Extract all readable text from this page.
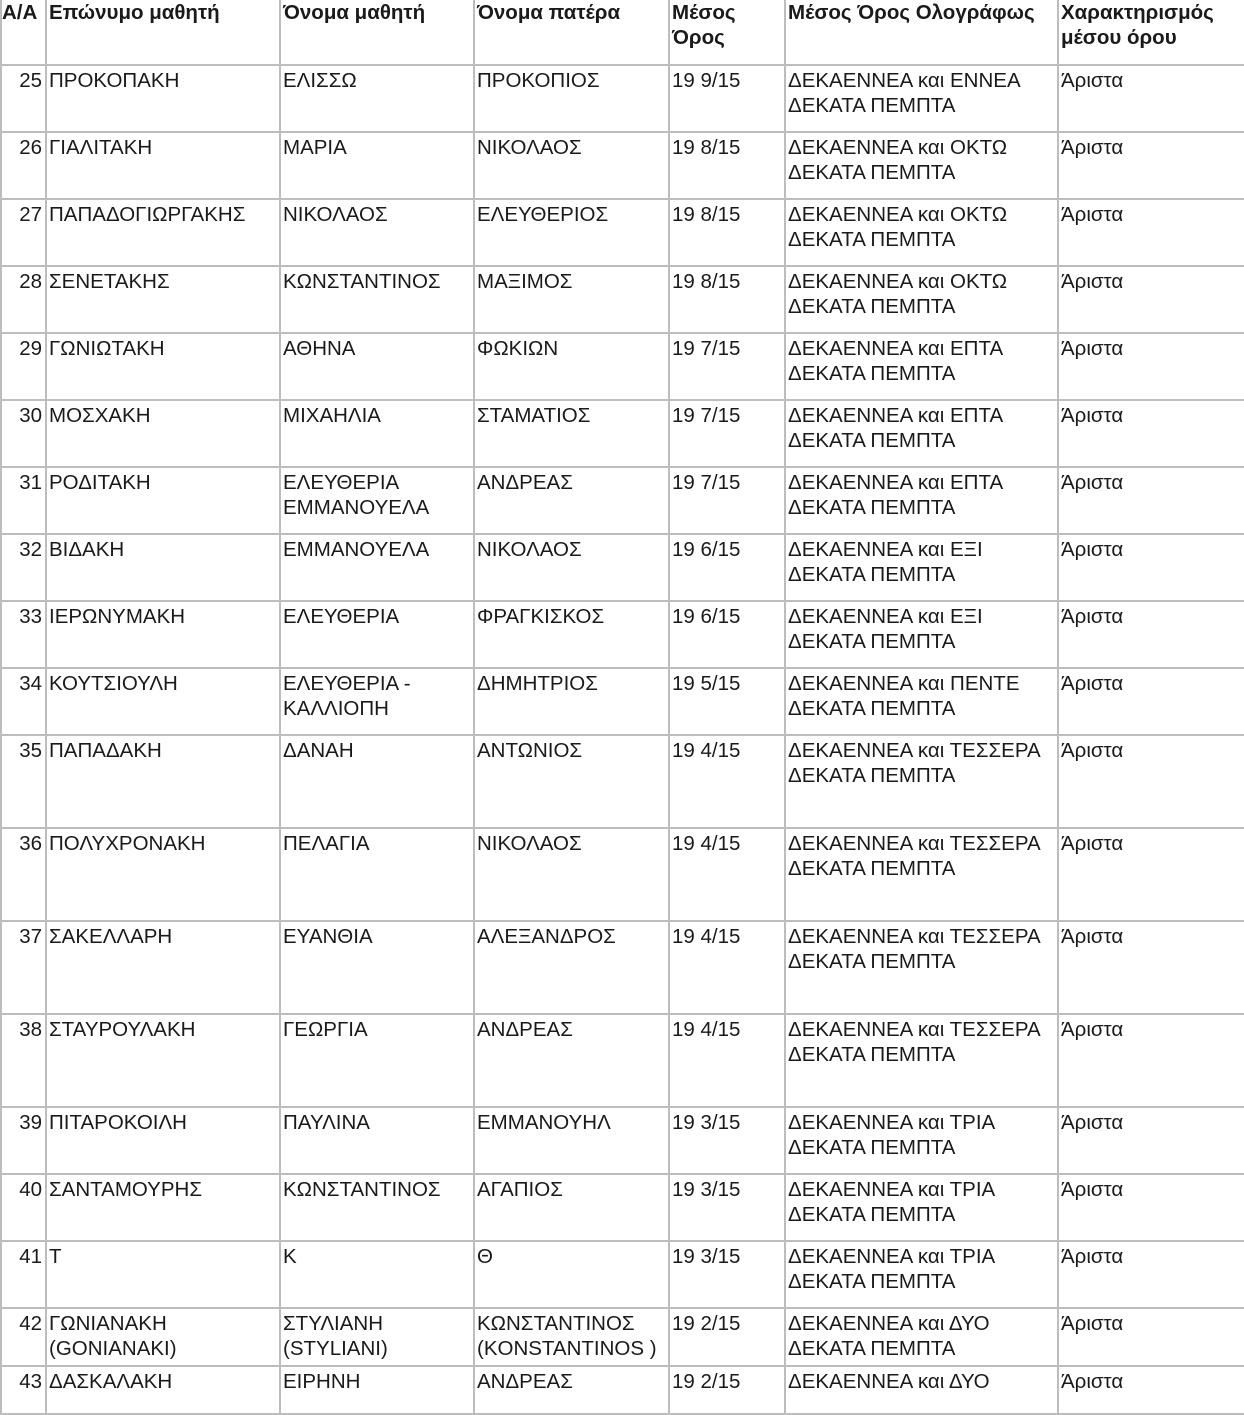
Α/Α	Επώνυμο μαθητή	Όνομα μαθητή	Όνομα πατέρα	Μέσος Όρος	Μέσος Όρος Ολογράφως	Χαρακτηρισμός μέσου όρου
25	ΠΡΟΚΟΠΑΚΗ	ΕΛΙΣΣΩ	ΠΡΟΚΟΠΙΟΣ	19 9/15	ΔΕΚΑΕΝΝΕΑ και ΕΝΝΕΑ ΔΕΚΑΤΑ ΠΕΜΠΤΑ	Άριστα
26	ΓΙΑΛΙΤΑΚΗ	ΜΑΡΙΑ	ΝΙΚΟΛΑΟΣ	19 8/15	ΔΕΚΑΕΝΝΕΑ και ΟΚΤΩ ΔΕΚΑΤΑ ΠΕΜΠΤΑ	Άριστα
27	ΠΑΠΑΔΟΓΙΩΡΓΑΚΗΣ	ΝΙΚΟΛΑΟΣ	ΕΛΕΥΘΕΡΙΟΣ	19 8/15	ΔΕΚΑΕΝΝΕΑ και ΟΚΤΩ ΔΕΚΑΤΑ ΠΕΜΠΤΑ	Άριστα
28	ΣΕΝΕΤΑΚΗΣ	ΚΩΝΣΤΑΝΤΙΝΟΣ	ΜΑΞΙΜΟΣ	19 8/15	ΔΕΚΑΕΝΝΕΑ και ΟΚΤΩ ΔΕΚΑΤΑ ΠΕΜΠΤΑ	Άριστα
29	ΓΩΝΙΩΤΑΚΗ	ΑΘΗΝΑ	ΦΩΚΙΩΝ	19 7/15	ΔΕΚΑΕΝΝΕΑ και ΕΠΤΑ ΔΕΚΑΤΑ ΠΕΜΠΤΑ	Άριστα
30	ΜΟΣΧΑΚΗ	ΜΙΧΑΗΛΙΑ	ΣΤΑΜΑΤΙΟΣ	19 7/15	ΔΕΚΑΕΝΝΕΑ και ΕΠΤΑ ΔΕΚΑΤΑ ΠΕΜΠΤΑ	Άριστα
31	ΡΟΔΙΤΑΚΗ	ΕΛΕΥΘΕΡΙΑ ΕΜΜΑΝΟΥΕΛΑ	ΑΝΔΡΕΑΣ	19 7/15	ΔΕΚΑΕΝΝΕΑ και ΕΠΤΑ ΔΕΚΑΤΑ ΠΕΜΠΤΑ	Άριστα
32	ΒΙΔΑΚΗ	ΕΜΜΑΝΟΥΕΛΑ	ΝΙΚΟΛΑΟΣ	19 6/15	ΔΕΚΑΕΝΝΕΑ και ΕΞΙ ΔΕΚΑΤΑ ΠΕΜΠΤΑ	Άριστα
33	ΙΕΡΩΝΥΜΑΚΗ	ΕΛΕΥΘΕΡΙΑ	ΦΡΑΓΚΙΣΚΟΣ	19 6/15	ΔΕΚΑΕΝΝΕΑ και ΕΞΙ ΔΕΚΑΤΑ ΠΕΜΠΤΑ	Άριστα
34	ΚΟΥΤΣΙΟΥΛΗ	ΕΛΕΥΘΕΡΙΑ - ΚΑΛΛΙΟΠΗ	ΔΗΜΗΤΡΙΟΣ	19 5/15	ΔΕΚΑΕΝΝΕΑ και ΠΕΝΤΕ ΔΕΚΑΤΑ ΠΕΜΠΤΑ	Άριστα
35	ΠΑΠΑΔΑΚΗ	ΔΑΝΑΗ	ΑΝΤΩΝΙΟΣ	19 4/15	ΔΕΚΑΕΝΝΕΑ και ΤΕΣΣΕΡΑ ΔΕΚΑΤΑ ΠΕΜΠΤΑ	Άριστα
36	ΠΟΛΥΧΡΟΝΑΚΗ	ΠΕΛΑΓΙΑ	ΝΙΚΟΛΑΟΣ	19 4/15	ΔΕΚΑΕΝΝΕΑ και ΤΕΣΣΕΡΑ ΔΕΚΑΤΑ ΠΕΜΠΤΑ	Άριστα
37	ΣΑΚΕΛΛΑΡΗ	ΕΥΑΝΘΙΑ	ΑΛΕΞΑΝΔΡΟΣ	19 4/15	ΔΕΚΑΕΝΝΕΑ και ΤΕΣΣΕΡΑ ΔΕΚΑΤΑ ΠΕΜΠΤΑ	Άριστα
38	ΣΤΑΥΡΟΥΛΑΚΗ	ΓΕΩΡΓΙΑ	ΑΝΔΡΕΑΣ	19 4/15	ΔΕΚΑΕΝΝΕΑ και ΤΕΣΣΕΡΑ ΔΕΚΑΤΑ ΠΕΜΠΤΑ	Άριστα
39	ΠΙΤΑΡΟΚΟΙΛΗ	ΠΑΥΛΙΝΑ	ΕΜΜΑΝΟΥΗΛ	19 3/15	ΔΕΚΑΕΝΝΕΑ και ΤΡΙΑ ΔΕΚΑΤΑ ΠΕΜΠΤΑ	Άριστα
40	ΣΑΝΤΑΜΟΥΡΗΣ	ΚΩΝΣΤΑΝΤΙΝΟΣ	ΑΓΑΠΙΟΣ	19 3/15	ΔΕΚΑΕΝΝΕΑ και ΤΡΙΑ ΔΕΚΑΤΑ ΠΕΜΠΤΑ	Άριστα
41	Τ	Κ	Θ	19 3/15	ΔΕΚΑΕΝΝΕΑ και ΤΡΙΑ ΔΕΚΑΤΑ ΠΕΜΠΤΑ	Άριστα
42	ΓΩΝΙΑΝΑΚΗ (GONIANAKI)	ΣΤΥΛΙΑΝΗ (STYLIANI)	ΚΩΝΣΤΑΝΤΙΝΟΣ (KONSTANTINOS )	19 2/15	ΔΕΚΑΕΝΝΕΑ και ΔΥΟ ΔΕΚΑΤΑ ΠΕΜΠΤΑ	Άριστα
43	ΔΑΣΚΑΛΑΚΗ	ΕΙΡΗΝΗ	ΑΝΔΡΕΑΣ	19 2/15	ΔΕΚΑΕΝΝΕΑ και ΔΥΟ	Άριστα
